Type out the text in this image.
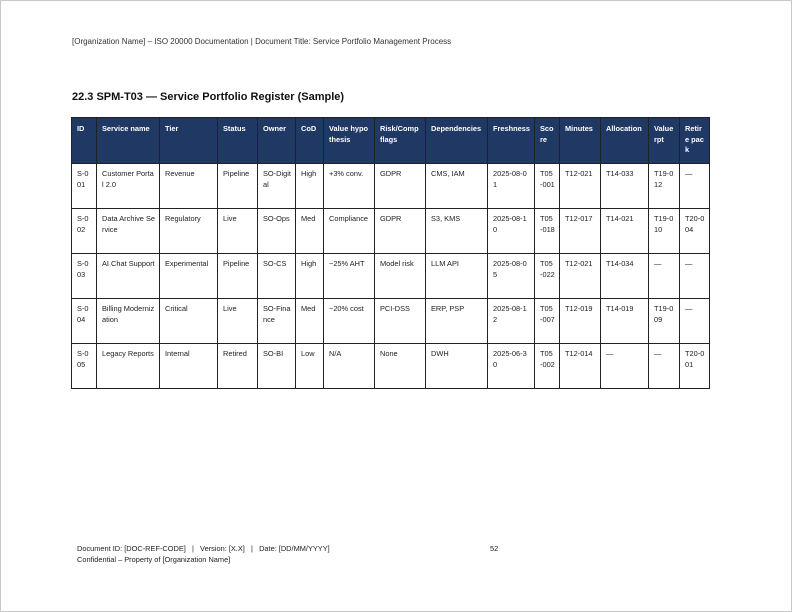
[Organization Name] – ISO 20000 Documentation | Document Title: Service Portfolio Management Process
22.3 SPM-T03 — Service Portfolio Register (Sample)
ID	Service name	Tier	Status	Owner	CoD	Value hypothesis	Risk/Comp flags	Dependencies	Freshness	Score	Minutes	Allocation	Value rpt	Retire pack
S-001	Customer Portal 2.0	Revenue	Pipeline	SO-Digital	High	+3% conv.	GDPR	CMS, IAM	2025-08-01	T05-001	T12-021	T14-033	T19-012	—
S-002	Data Archive Service	Regulatory	Live	SO-Ops	Med	Compliance	GDPR	S3, KMS	2025-08-10	T05-018	T12-017	T14-021	T19-010	T20-004
S-003	AI Chat Support	Experimental	Pipeline	SO-CS	High	−25% AHT	Model risk	LLM API	2025-08-05	T05-022	T12-021	T14-034	—	—
S-004	Billing Modernization	Critical	Live	SO-Finance	Med	−20% cost	PCI-DSS	ERP, PSP	2025-08-12	T05-007	T12-019	T14-019	T19-009	—
S-005	Legacy Reports	Internal	Retired	SO-BI	Low	N/A	None	DWH	2025-06-30	T05-002	T12-014	—	—	T20-001
Document ID: [DOC-REF-CODE]   |   Version: [X.X]   |   Date: [DD/MM/YYYY]
Confidential – Property of [Organization Name]
52
